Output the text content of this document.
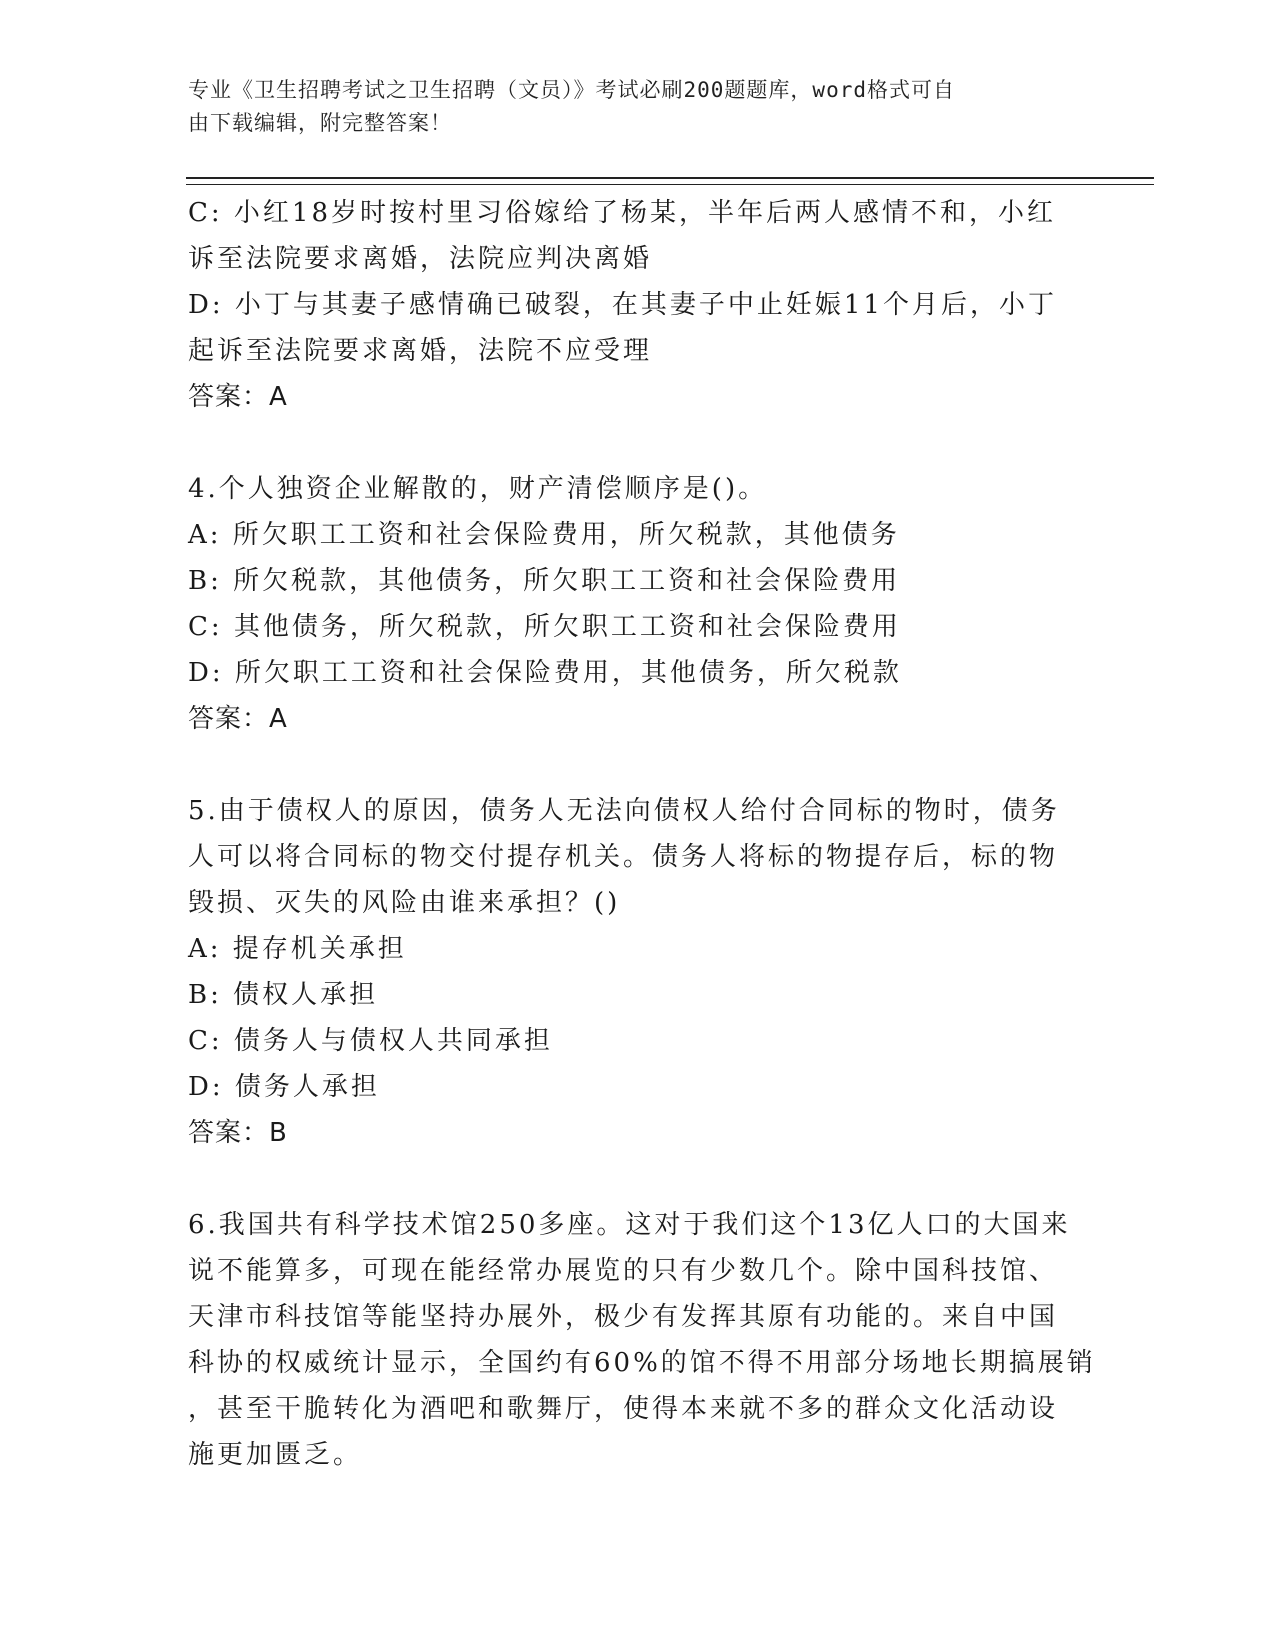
专业《卫生招聘考试之卫生招聘（文员）》考试必刷200题题库，word格式可自
由下载编辑，附完整答案！
C: 小红18岁时按村里习俗嫁给了杨某，半年后两人感情不和，小红
诉至法院要求离婚，法院应判决离婚
D: 小丁与其妻子感情确已破裂，在其妻子中止妊娠11个月后，小丁
起诉至法院要求离婚，法院不应受理
答案：A
4.个人独资企业解散的，财产清偿顺序是()。
A: 所欠职工工资和社会保险费用，所欠税款，其他债务
B: 所欠税款，其他债务，所欠职工工资和社会保险费用
C: 其他债务，所欠税款，所欠职工工资和社会保险费用
D: 所欠职工工资和社会保险费用，其他债务，所欠税款
答案：A
5.由于债权人的原因，债务人无法向债权人给付合同标的物时，债务
人可以将合同标的物交付提存机关。债务人将标的物提存后，标的物
毁损、灭失的风险由谁来承担？()
A: 提存机关承担
B: 债权人承担
C: 债务人与债权人共同承担
D: 债务人承担
答案：B
6.我国共有科学技术馆250多座。这对于我们这个13亿人口的大国来
说不能算多，可现在能经常办展览的只有少数几个。除中国科技馆、
天津市科技馆等能坚持办展外，极少有发挥其原有功能的。来自中国
科协的权威统计显示，全国约有60%的馆不得不用部分场地长期搞展销
，甚至干脆转化为酒吧和歌舞厅，使得本来就不多的群众文化活动设
施更加匮乏。
